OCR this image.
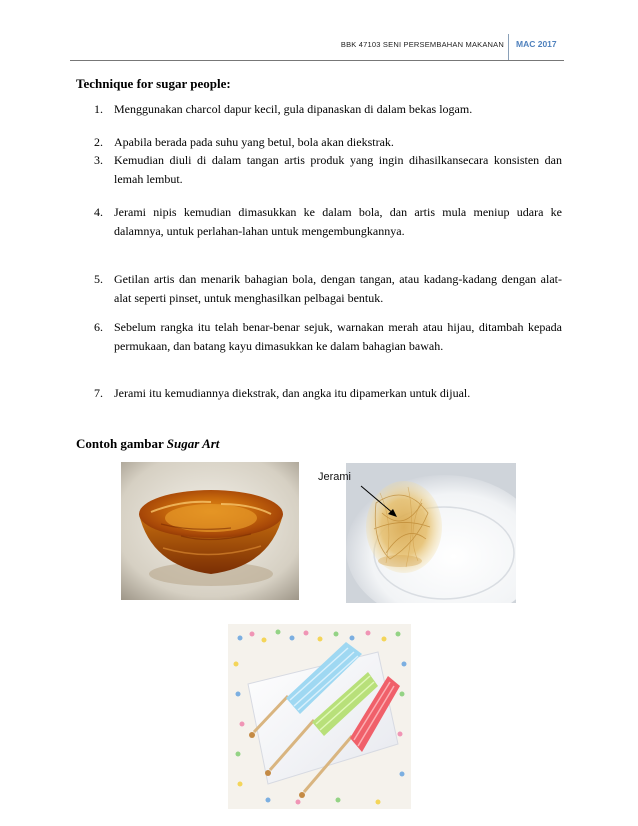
BBK 47103 SENI PERSEMBAHAN MAKANAN MAC 2017
Technique for sugar people:
1. Menggunakan charcol dapur kecil, gula dipanaskan di dalam bekas logam.
2. Apabila berada pada suhu yang betul, bola akan diekstrak.
3. Kemudian diuli di dalam tangan artis produk yang ingin dihasilkansecara konsisten dan lemah lembut.
4. Jerami nipis kemudian dimasukkan ke dalam bola, dan artis mula meniup udara ke dalamnya, untuk perlahan-lahan untuk mengembungkannya.
5. Getilan artis dan menarik bahagian bola, dengan tangan, atau kadang-kadang dengan alat-alat seperti pinset, untuk menghasilkan pelbagai bentuk.
6. Sebelum rangka itu telah benar-benar sejuk, warnakan merah atau hijau, ditambah kepada permukaan, dan batang kayu dimasukkan ke dalam bahagian bawah.
7. Jerami itu kemudiannya diekstrak, dan angka itu dipamerkan untuk dijual.
Contoh gambar Sugar Art
Jerami
